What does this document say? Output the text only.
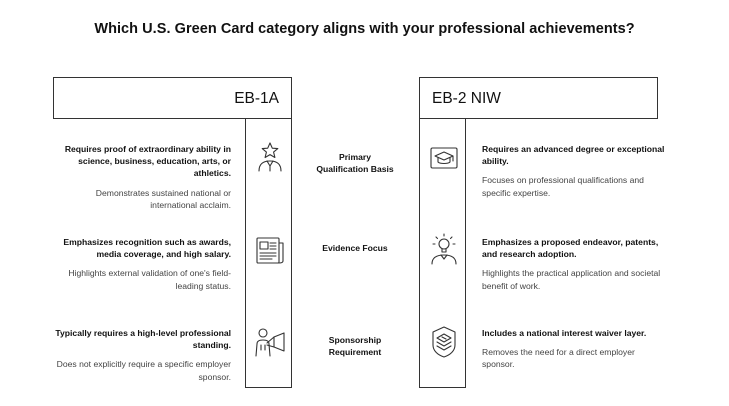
Which U.S. Green Card category aligns with your professional achievements?
EB-1A	EB-2 NIW
Requires proof of extraordinary ability in science, business, education, arts, or athletics.
Demonstrates sustained national or international acclaim.
Primary Qualification Basis
Requires an advanced degree or exceptional ability.
Focuses on professional qualifications and specific expertise.
Emphasizes recognition such as awards, media coverage, and high salary.
Highlights external validation of one's field-leading status.
Evidence Focus
Emphasizes a proposed endeavor, patents, and research adoption.
Highlights the practical application and societal benefit of work.
Typically requires a high-level professional standing.
Does not explicitly require a specific employer sponsor.
Sponsorship Requirement
Includes a national interest waiver layer.
Removes the need for a direct employer sponsor.
